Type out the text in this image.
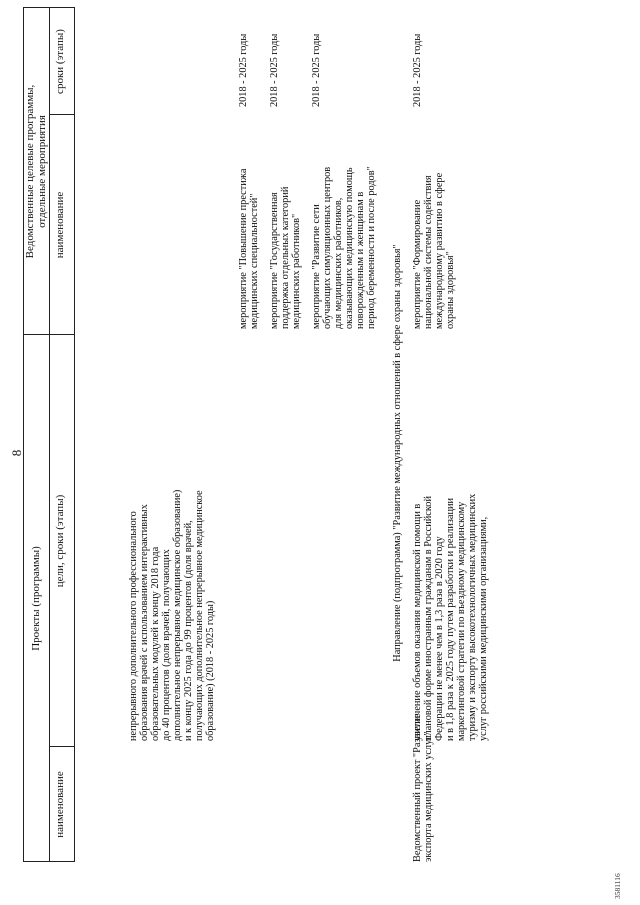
8
3581116
Проекты (программы)
Ведомственные целевые программы, отдельные мероприятия
наименование
цели, сроки (этапы)
наименование
сроки (этапы)
непрерывного дополнительного профессионального образования врачей с использованием интерактивных образовательных модулей к концу 2018 года до 40 процентов (доля врачей, получающих дополнительное непрерывное медицинское образование) и к концу 2025 года до 99 процентов (доля врачей, получающих дополнительное непрерывное медицинское образование) (2018 - 2025 годы)
мероприятие "Повышение престижа медицинских специальностей"
2018 - 2025 годы
мероприятие "Государственная поддержка отдельных категорий медицинских работников"
2018 - 2025 годы
мероприятие "Развитие сети обучающих симуляционных центров для медицинских работников, оказывающих медицинскую помощь новорожденным и женщинам в период беременности и после родов"
2018 - 2025 годы
Направление (подпрограмма) "Развитие международных отношений в сфере охраны здоровья"
Ведомственный проект "Развитие экспорта медицинских услуг"
увеличение объемов оказания медицинской помощи в плановой форме иностранным гражданам в Российской Федерации не менее чем в 1,3 раза в 2020 году и в 1,8 раза к 2025 году путем разработки и реализации маркетинговой стратегии по въездному медицинскому туризму и экспорту высокотехнологичных медицинских услуг российскими медицинскими организациями,
мероприятие "Формирование национальной системы содействия международному развитию в сфере охраны здоровья"
2018 - 2025 годы
